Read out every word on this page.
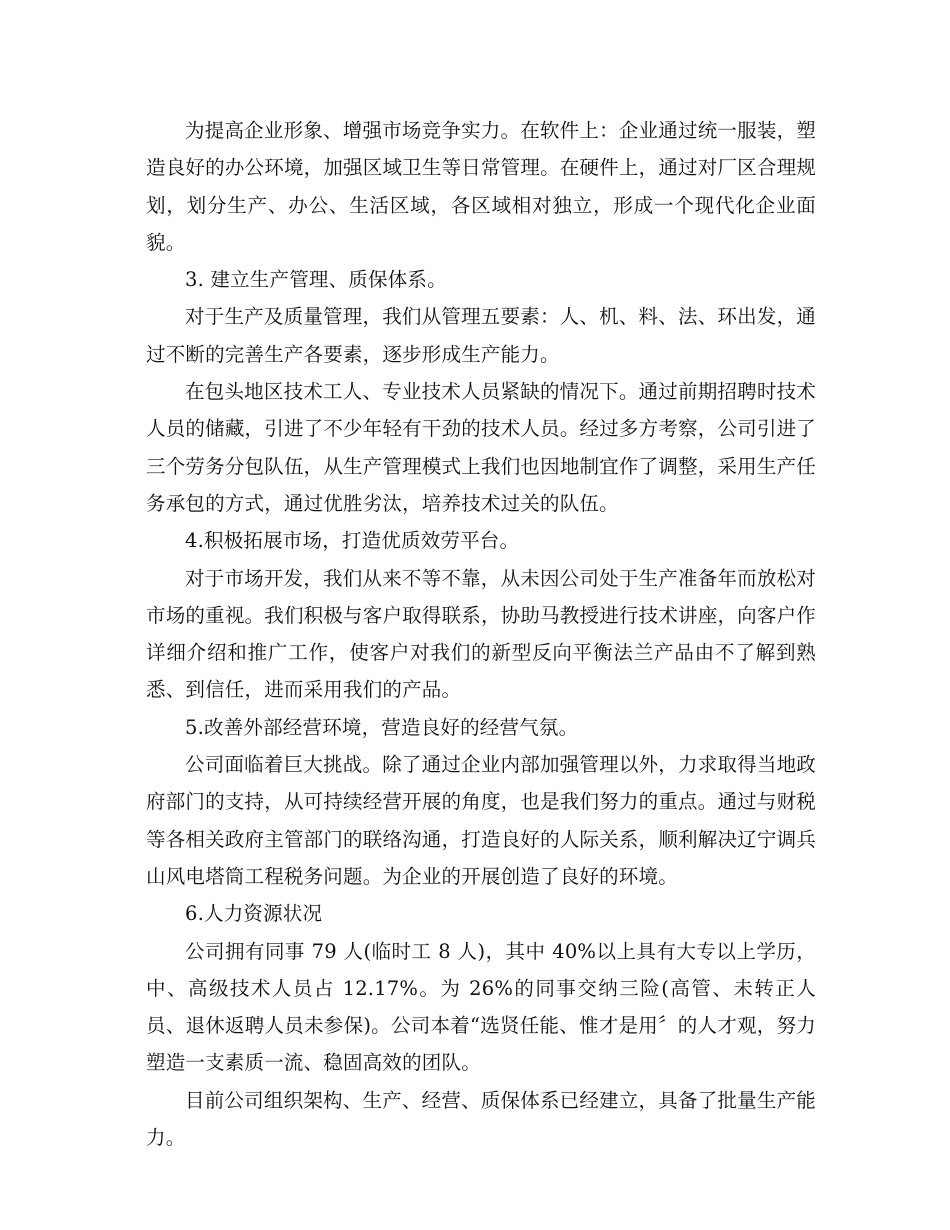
为提高企业形象、增强市场竞争实力。在软件上：企业通过统一服装，塑造良好的办公环境，加强区域卫生等日常管理。在硬件上，通过对厂区合理规划，划分生产、办公、生活区域，各区域相对独立，形成一个现代化企业面貌。

3. 建立生产管理、质保体系。

对于生产及质量管理，我们从管理五要素：人、机、料、法、环出发，通过不断的完善生产各要素，逐步形成生产能力。

在包头地区技术工人、专业技术人员紧缺的情况下。通过前期招聘时技术人员的储藏，引进了不少年轻有干劲的技术人员。经过多方考察，公司引进了三个劳务分包队伍，从生产管理模式上我们也因地制宜作了调整，采用生产任务承包的方式，通过优胜劣汰，培养技术过关的队伍。

4.积极拓展市场，打造优质效劳平台。

对于市场开发，我们从来不等不靠，从未因公司处于生产准备年而放松对市场的重视。我们积极与客户取得联系，协助马教授进行技术讲座，向客户作详细介绍和推广工作，使客户对我们的新型反向平衡法兰产品由不了解到熟悉、到信任，进而采用我们的产品。

5.改善外部经营环境，营造良好的经营气氛。

公司面临着巨大挑战。除了通过企业内部加强管理以外，力求取得当地政府部门的支持，从可持续经营开展的角度，也是我们努力的重点。通过与财税等各相关政府主管部门的联络沟通，打造良好的人际关系，顺利解决辽宁调兵山风电塔筒工程税务问题。为企业的开展创造了良好的环境。

6.人力资源状况

公司拥有同事 79 人(临时工 8 人)，其中 40%以上具有大专以上学历，中、高级技术人员占 12.17%。为 26%的同事交纳三险(高管、未转正人员、退休返聘人员未参保)。公司本着“选贤任能、惟才是用〞的人才观，努力塑造一支素质一流、稳固高效的团队。

目前公司组织架构、生产、经营、质保体系已经建立，具备了批量生产能力。
